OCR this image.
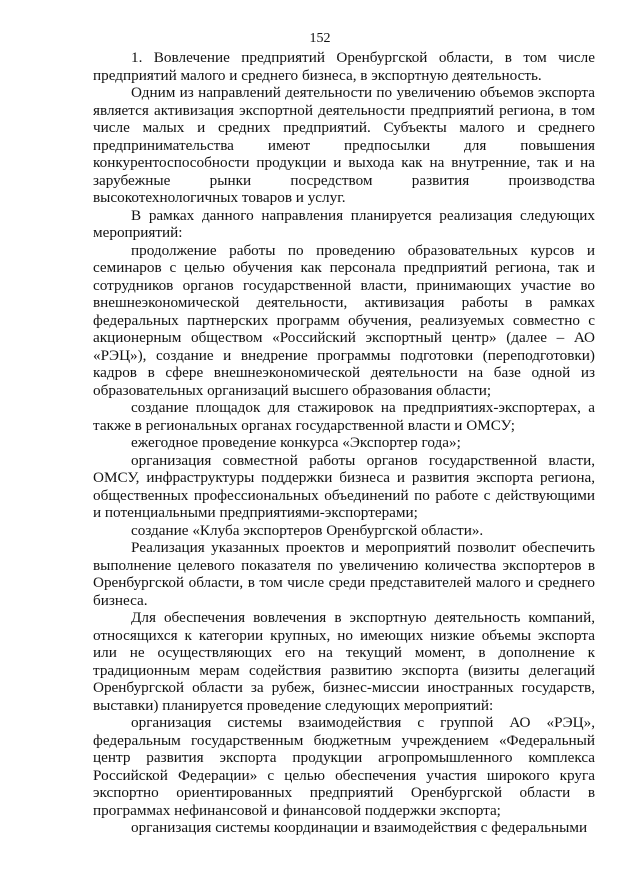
152

1. Вовлечение предприятий Оренбургской области, в том числе предприятий малого и среднего бизнеса, в экспортную деятельность.

Одним из направлений деятельности по увеличению объемов экспорта является активизация экспортной деятельности предприятий региона, в том числе малых и средних предприятий. Субъекты малого и среднего предпринимательства имеют предпосылки для повышения конкурентоспособности продукции и выхода как на внутренние, так и на зарубежные рынки посредством развития производства высокотехнологичных товаров и услуг.

В рамках данного направления планируется реализация следующих мероприятий:

продолжение работы по проведению образовательных курсов и семинаров с целью обучения как персонала предприятий региона, так и сотрудников органов государственной власти, принимающих участие во внешнеэкономической деятельности, активизация работы в рамках федеральных партнерских программ обучения, реализуемых совместно с акционерным обществом «Российский экспортный центр» (далее – АО «РЭЦ»), создание и внедрение программы подготовки (переподготовки) кадров в сфере внешнеэкономической деятельности на базе одной из образовательных организаций высшего образования области;

создание площадок для стажировок на предприятиях-экспортерах, а также в региональных органах государственной власти и ОМСУ;

ежегодное проведение конкурса «Экспортер года»;

организация совместной работы органов государственной власти, ОМСУ, инфраструктуры поддержки бизнеса и развития экспорта региона, общественных профессиональных объединений по работе с действующими и потенциальными предприятиями-экспортерами;

создание «Клуба экспортеров Оренбургской области».

Реализация указанных проектов и мероприятий позволит обеспечить выполнение целевого показателя по увеличению количества экспортеров в Оренбургской области, в том числе среди представителей малого и среднего бизнеса.

Для обеспечения вовлечения в экспортную деятельность компаний, относящихся к категории крупных, но имеющих низкие объемы экспорта или не осуществляющих его на текущий момент, в дополнение к традиционным мерам содействия развитию экспорта (визиты делегаций Оренбургской области за рубеж, бизнес-миссии иностранных государств, выставки) планируется проведение следующих мероприятий:

организация системы взаимодействия с группой АО «РЭЦ», федеральным государственным бюджетным учреждением «Федеральный центр развития экспорта продукции агропромышленного комплекса Российской Федерации» с целью обеспечения участия широкого круга экспортно ориентированных предприятий Оренбургской области в программах нефинансовой и финансовой поддержки экспорта;

организация системы координации и взаимодействия с федеральными
